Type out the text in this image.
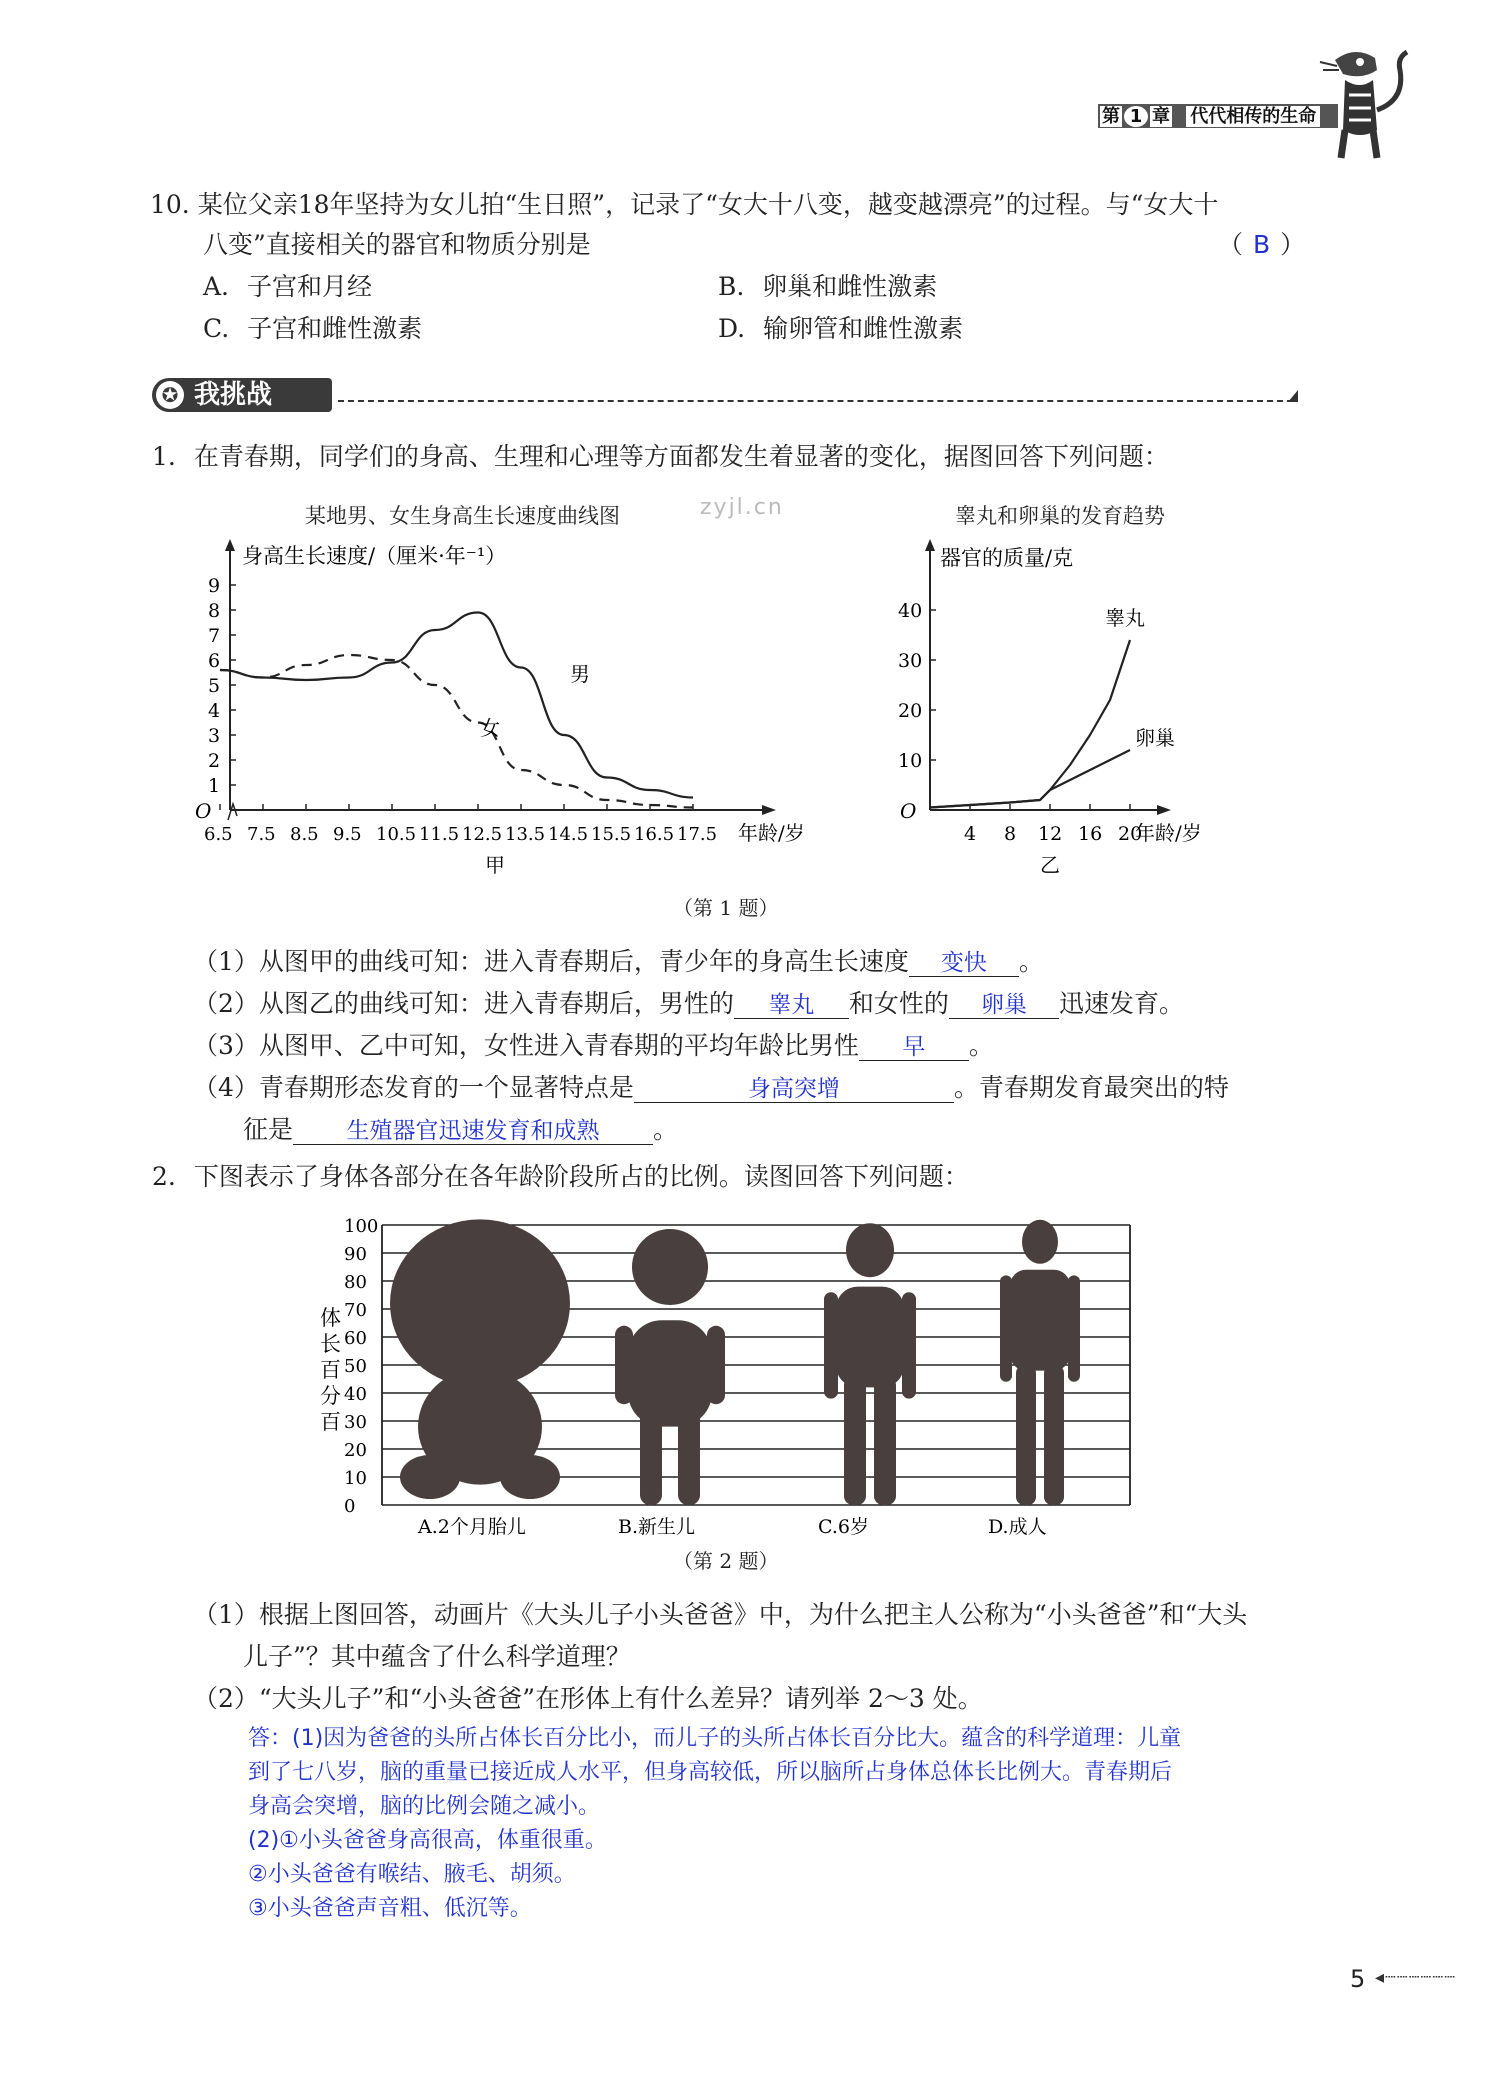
第 1 章 代代相传的生命
10. 某位父亲18年坚持为女儿拍“生日照”，记录了“女大十八变，越变越漂亮”的过程。与“女大十
八变”直接相关的器官和物质分别是	（ B ）
A. 子宫和月经	B. 卵巢和雌性激素
C. 子宫和雌性激素	D. 输卵管和雌性激素
✪ 我挑战
1. 在青春期，同学们的身高、生理和心理等方面都发生着显著的变化，据图回答下列问题：
某地男、女生身高生长速度曲线图	zyjl.cn
1
2
3
4
5
6
7
8
9
6.5 7.5 8.5 9.5 10.5 11.5 12.5 13.5 14.5 15.5 16.5 17.5
O
身高生长速度/（厘米·年⁻¹）
年龄/岁
甲
男
女
睾丸和卵巢的发育趋势
10
20
30
40
4 8 12 16 20
O
器官的质量/克
年龄/岁
乙
睾丸
卵巢
（第 1 题）
（1）从图甲的曲线可知：进入青春期后，青少年的身高生长速度 变快 。
（2）从图乙的曲线可知：进入青春期后，男性的 睾丸 和女性的 卵巢 迅速发育。
（3）从图甲、乙中可知，女性进入青春期的平均年龄比男性 早 。
（4）青春期形态发育的一个显著特点是	身高突增	。青春期发育最突出的特
征是 生殖器官迅速发育和成熟 。
2. 下图表示了身体各部分在各年龄阶段所占的比例。读图回答下列问题：
0
10
20
30
40
50
60
70
80
90
100
体
长
百
分
百
A.2个月胎儿	B.新生儿	C.6岁	D.成人
（第 2 题）
（1）根据上图回答，动画片《大头儿子小头爸爸》中，为什么把主人公称为“小头爸爸”和“大头
儿子”？其中蕴含了什么科学道理？
（2）“大头儿子”和“小头爸爸”在形体上有什么差异？请列举 2～3 处。
答：(1)因为爸爸的头所占体长百分比小，而儿子的头所占体长百分比大。蕴含的科学道理：儿童
到了七八岁，脑的重量已接近成人水平，但身高较低，所以脑所占身体总体长比例大。青春期后
身高会突增，脑的比例会随之减小。
(2)①小头爸爸身高很高，体重很重。
②小头爸爸有喉结、腋毛、胡须。
③小头爸爸声音粗、低沉等。
5 ◂┈┈┈┈┈┈
